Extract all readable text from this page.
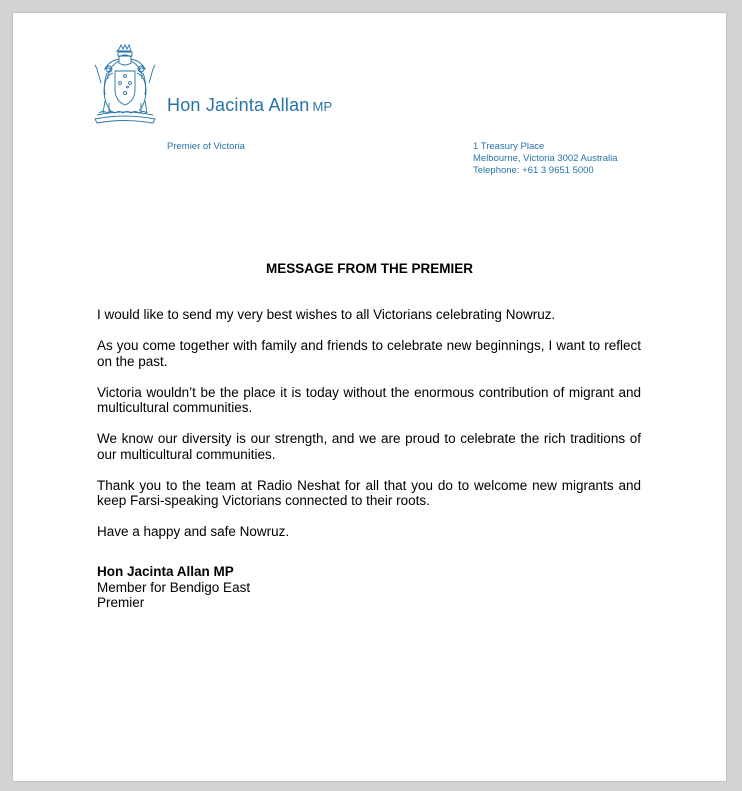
Hon Jacinta Allan MP
Premier of Victoria	1 Treasury Place
Melbourne, Victoria 3002 Australia
Telephone: +61 3 9651 5000
MESSAGE FROM THE PREMIER

I would like to send my very best wishes to all Victorians celebrating Nowruz.

As you come together with family and friends to celebrate new beginnings, I want to reflect on the past.

Victoria wouldn’t be the place it is today without the enormous contribution of migrant and multicultural communities.

We know our diversity is our strength, and we are proud to celebrate the rich traditions of our multicultural communities.

Thank you to the team at Radio Neshat for all that you do to welcome new migrants and keep Farsi-speaking Victorians connected to their roots.

Have a happy and safe Nowruz.

Hon Jacinta Allan MP
Member for Bendigo East
Premier
